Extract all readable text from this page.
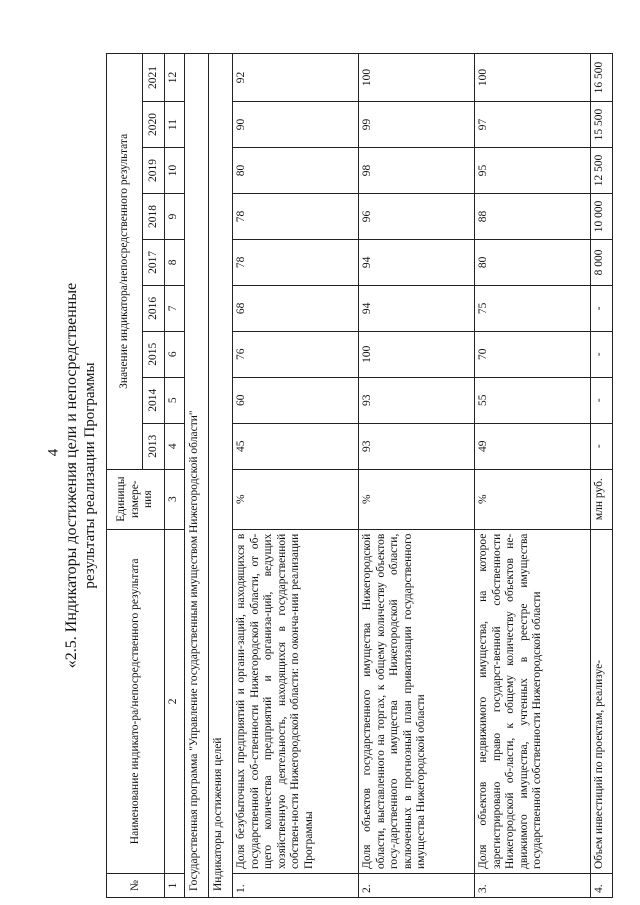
4 «2.5. Индикаторы достижения цели и непосредственные результаты реализации Программы
№	Наименование индикато-ра/непосредственного результата	Единицы измере-ния	Значение индикатора/непосредственного результата								
			2013	2014	2015	2016	2017	2018	2019	2020	2021
1	2	3	4	5	6	7	8	9	10	11	12
Государственная программа "Управление государственным имуществом Нижегородской области"											
Индикаторы достижения целей											
1.	Доля безубыточных предприятий и органи-заций, находящихся в государственной соб-ственности Нижегородской области, от об-щего количества предприятий и организа-ций, ведущих хозяйственную деятельность, находящихся в государственной собствен-ности Нижегородской области: по оконча-нии реализации Программы	%	45	60	76	68	78	78	80	90	92
2.	Доля объектов государственного имущества Нижегородской области, выставленного на торгах, к общему количеству объектов госу-дарственного имущества Нижегородской области, включенных в прогнозный план приватизации государственного имущества Нижегородской области	%	93	93	100	94	94	96	98	99	100
3.	Доля объектов недвижимого имущества, на которое зарегистрировано право государст-венной собственности Нижегородской об-ласти, к общему количеству объектов не-движимого имущества, учтенных в реестре имущества государственной собственности Нижегородской области	%	49	55	70	75	80	88	95	97	100
4.	Объем инвестиций по проектам, реализуе-	млн руб.	-	-	-	-	8 000	10 000	12 500	15 500	16 500
